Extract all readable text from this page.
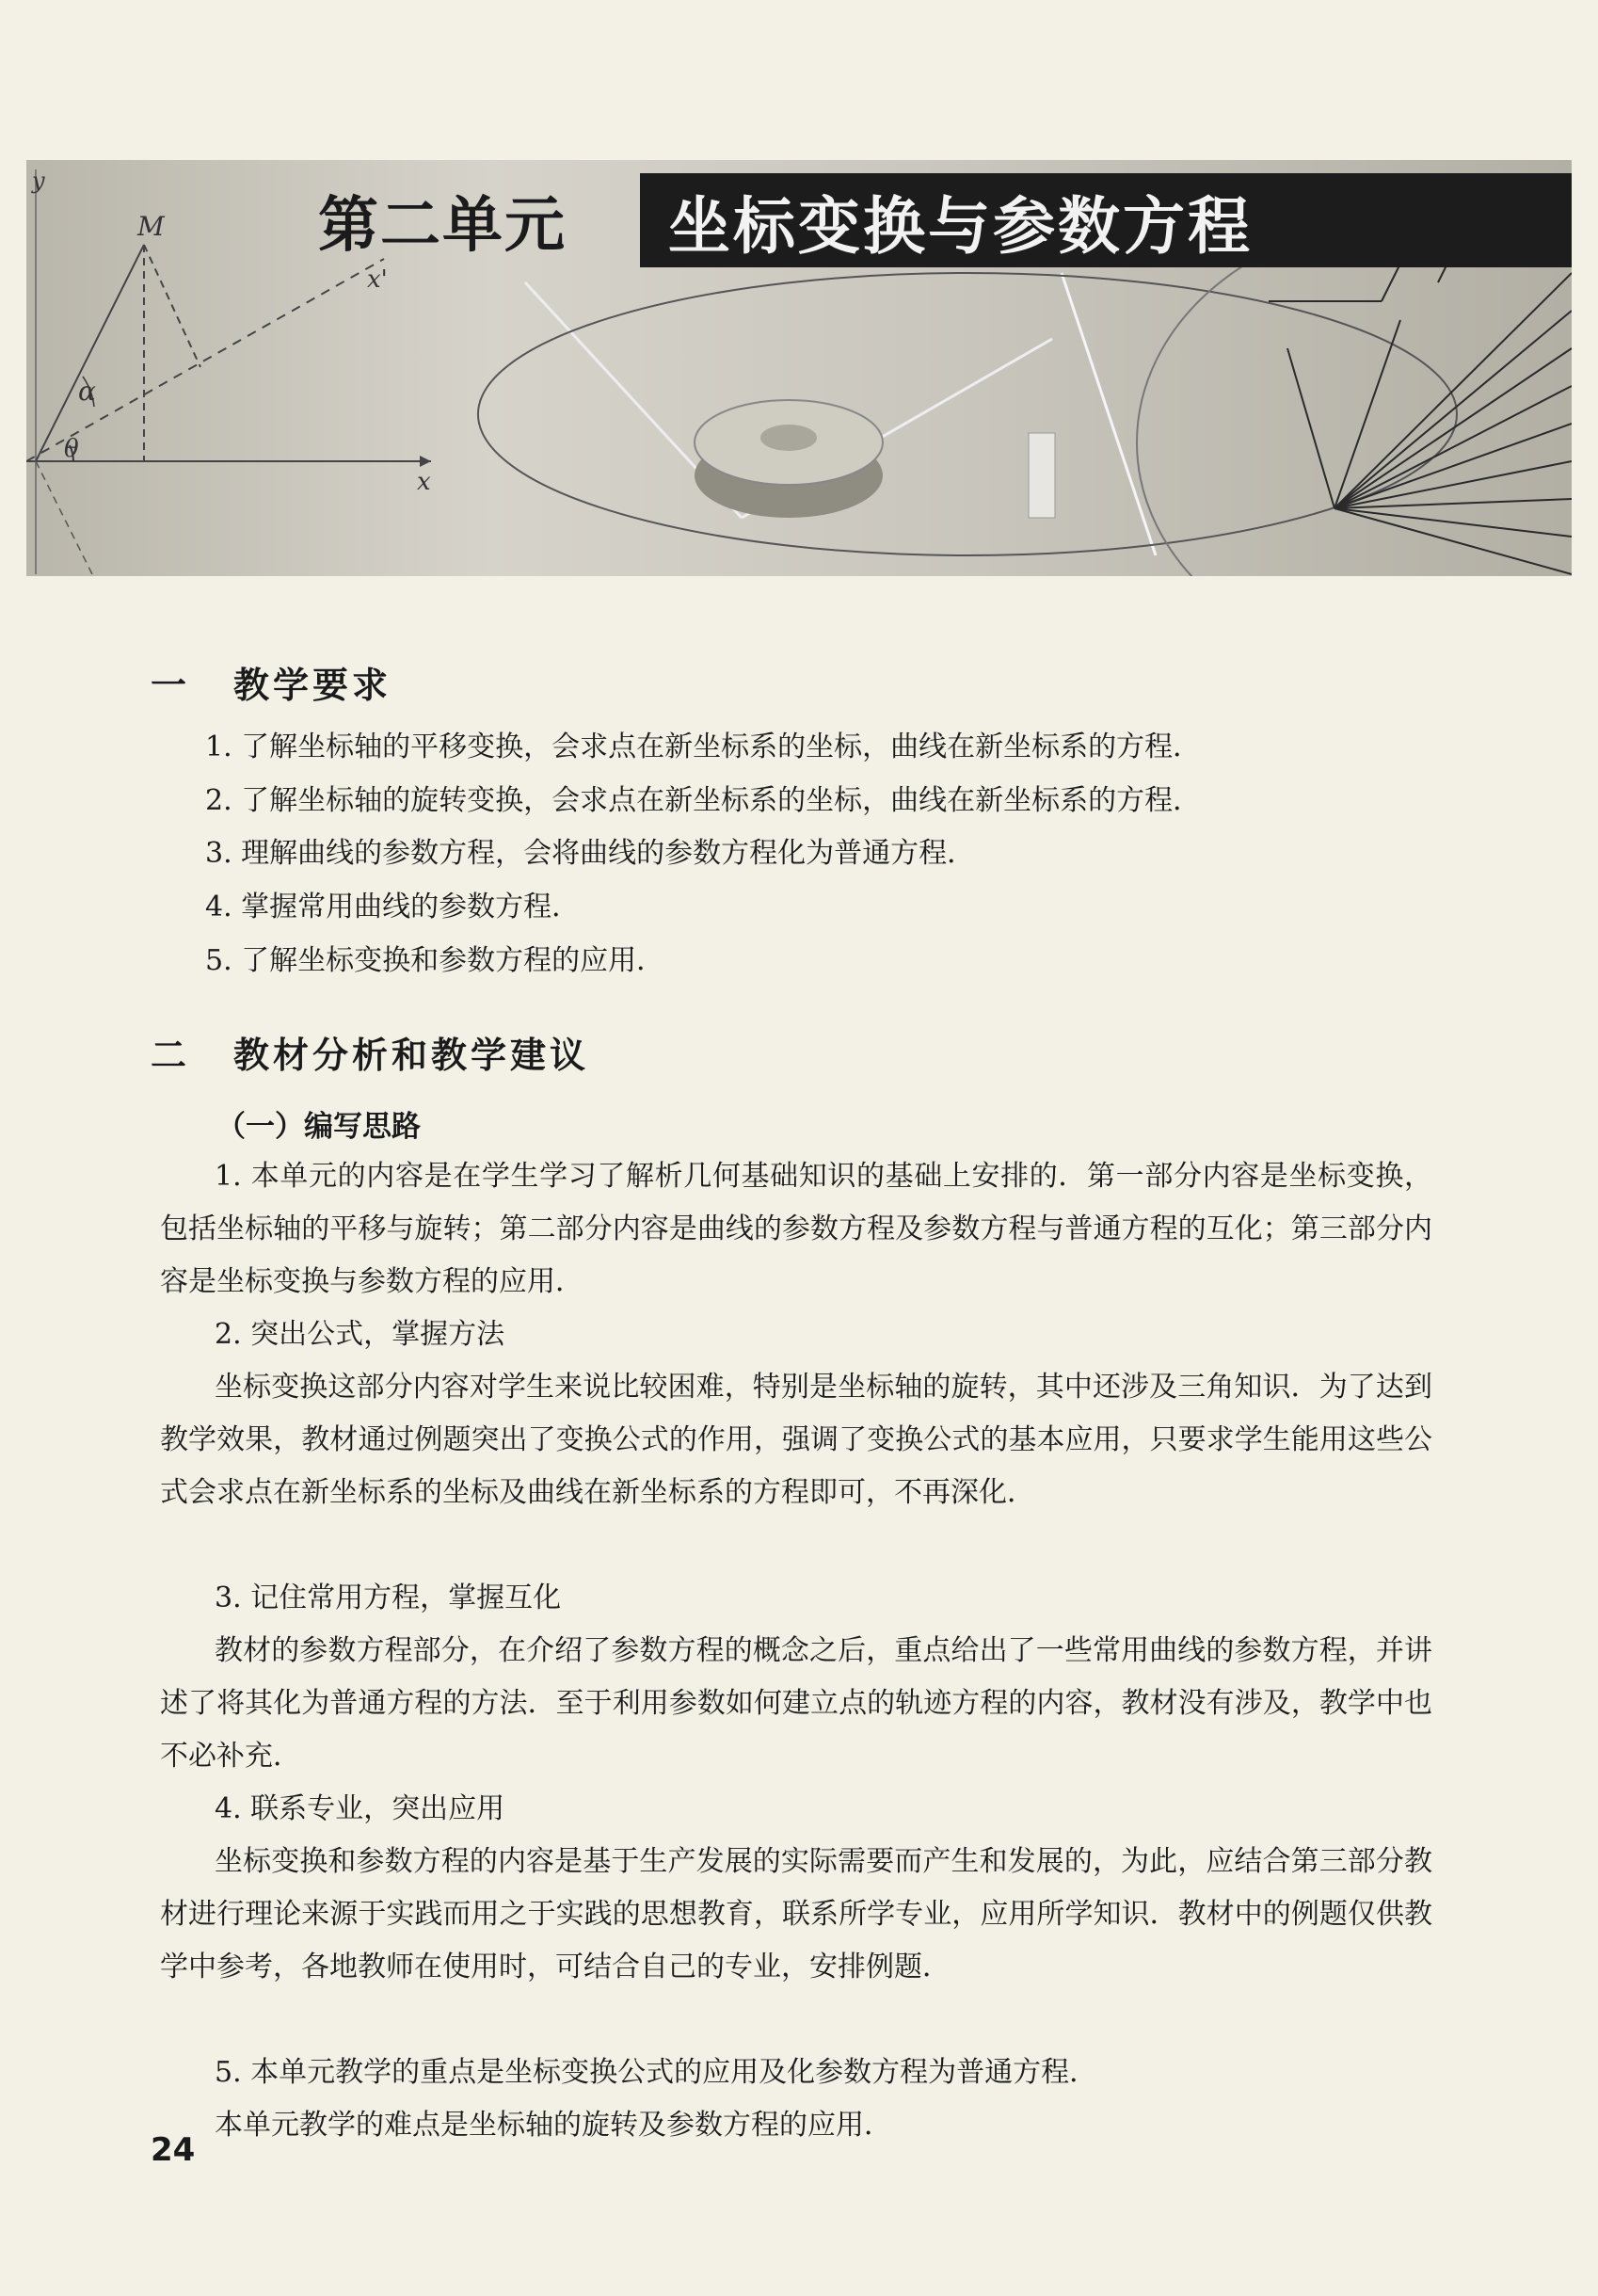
y
x
x'
M
α
θ
第二单元	坐标变换与参数方程
一 教学要求
1. 了解坐标轴的平移变换，会求点在新坐标系的坐标，曲线在新坐标系的方程．
2. 了解坐标轴的旋转变换，会求点在新坐标系的坐标，曲线在新坐标系的方程．
3. 理解曲线的参数方程，会将曲线的参数方程化为普通方程．
4. 掌握常用曲线的参数方程．
5. 了解坐标变换和参数方程的应用．
二 教材分析和教学建议
（一）编写思路
1. 本单元的内容是在学生学习了解析几何基础知识的基础上安排的．第一部分内容是坐标变换，包括坐标轴的平移与旋转；第二部分内容是曲线的参数方程及参数方程与普通方程的互化；第三部分内容是坐标变换与参数方程的应用．
2. 突出公式，掌握方法
坐标变换这部分内容对学生来说比较困难，特别是坐标轴的旋转，其中还涉及三角知识．为了达到教学效果，教材通过例题突出了变换公式的作用，强调了变换公式的基本应用，只要求学生能用这些公式会求点在新坐标系的坐标及曲线在新坐标系的方程即可，不再深化．
3. 记住常用方程，掌握互化
教材的参数方程部分，在介绍了参数方程的概念之后，重点给出了一些常用曲线的参数方程，并讲述了将其化为普通方程的方法．至于利用参数如何建立点的轨迹方程的内容，教材没有涉及，教学中也不必补充．
4. 联系专业，突出应用
坐标变换和参数方程的内容是基于生产发展的实际需要而产生和发展的，为此，应结合第三部分教材进行理论来源于实践而用之于实践的思想教育，联系所学专业，应用所学知识．教材中的例题仅供教学中参考，各地教师在使用时，可结合自己的专业，安排例题．
5. 本单元教学的重点是坐标变换公式的应用及化参数方程为普通方程．
本单元教学的难点是坐标轴的旋转及参数方程的应用．
24
